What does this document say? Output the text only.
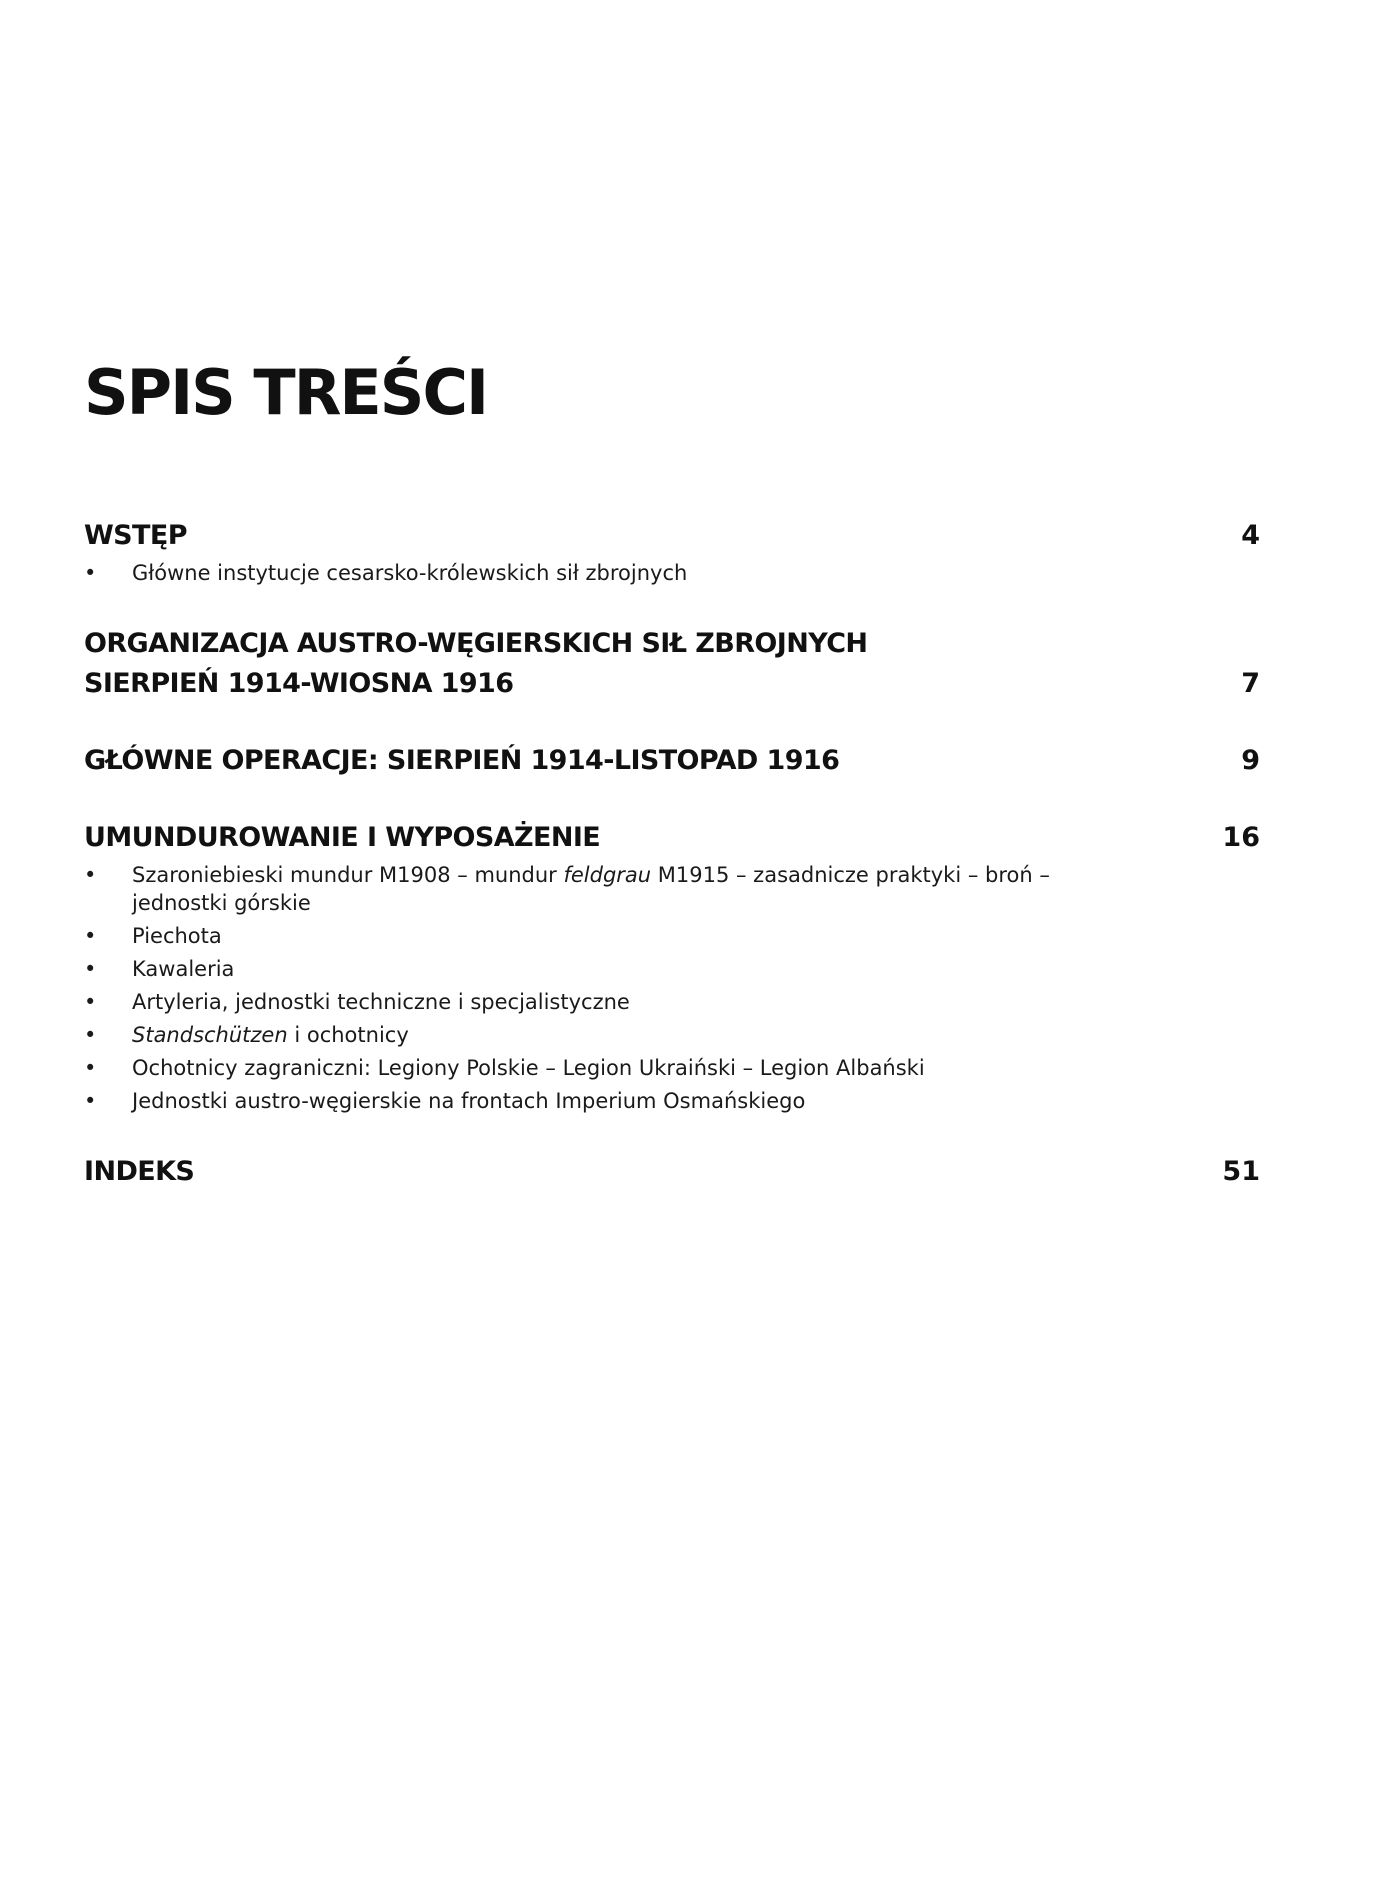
SPIS TREŚCI
WSTĘP	4
•	Główne instytucje cesarsko-królewskich sił zbrojnych
ORGANIZACJA AUSTRO-WĘGIERSKICH SIŁ ZBROJNYCH
SIERPIEŃ 1914-WIOSNA 1916	7
GŁÓWNE OPERACJE: SIERPIEŃ 1914-LISTOPAD 1916	9
UMUNDUROWANIE I WYPOSAŻENIE	16
•	Szaroniebieski mundur M1908 – mundur feldgrau M1915 – zasadnicze praktyki – broń –
jednostki górskie
•	Piechota
•	Kawaleria
•	Artyleria, jednostki techniczne i specjalistyczne
•	Standschützen i ochotnicy
•	Ochotnicy zagraniczni: Legiony Polskie – Legion Ukraiński – Legion Albański
•	Jednostki austro-węgierskie na frontach Imperium Osmańskiego
INDEKS	51
